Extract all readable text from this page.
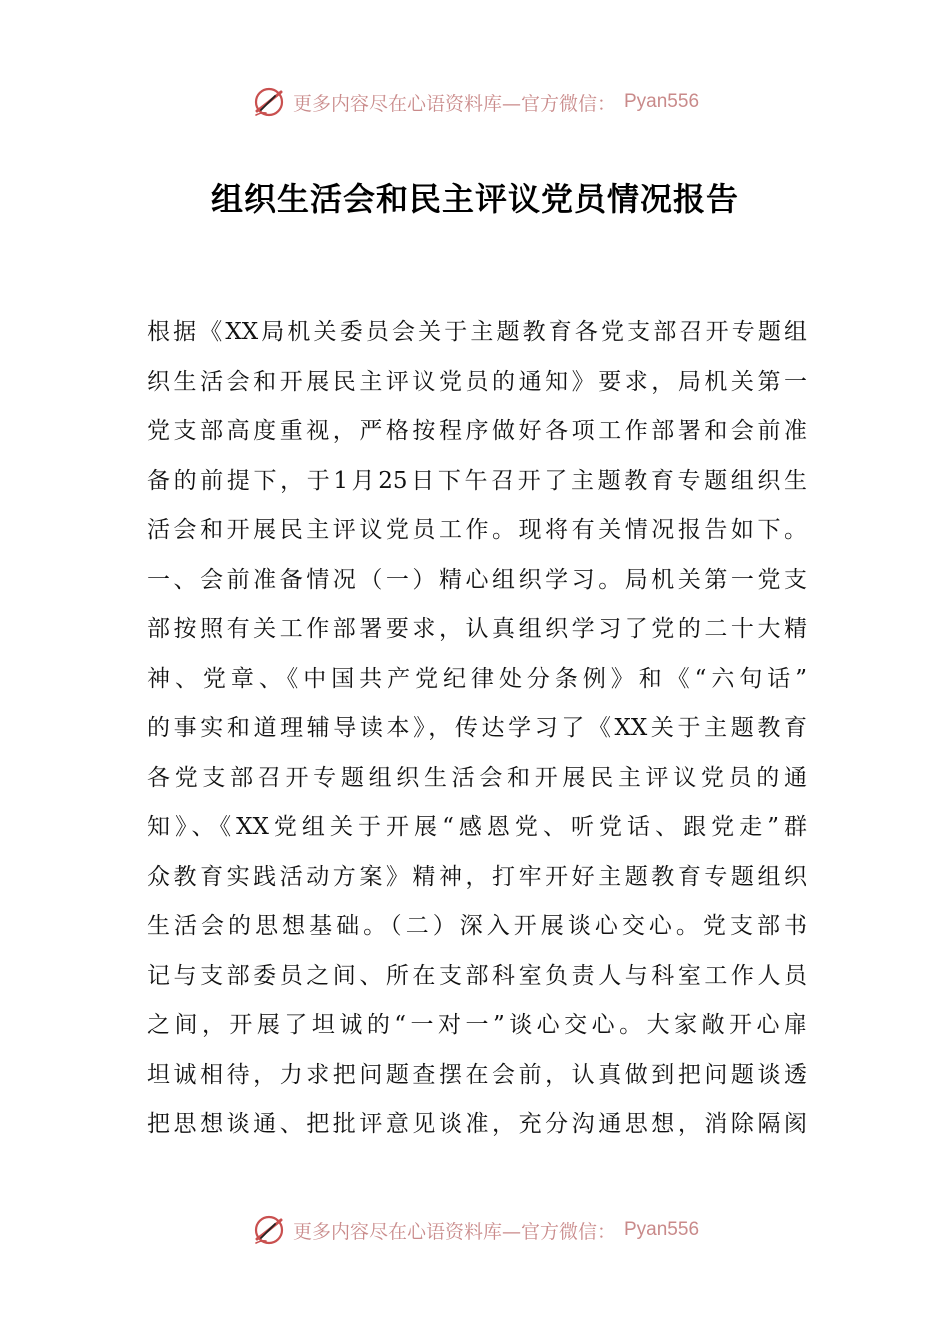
更多内容尽在心语资料库—官方微信： Pyan556
组织生活会和民主评议党员情况报告
根据《XX局机关委员会关于主题教育各党支部召开专题组
织生活会和开展民主评议党员的通知》要求，局机关第一
党支部高度重视，严格按程序做好各项工作部署和会前准
备的前提下，于1月25日下午召开了主题教育专题组织生
活会和开展民主评议党员工作。现将有关情况报告如下。
一、会前准备情况（一）精心组织学习。局机关第一党支
部按照有关工作部署要求，认真组织学习了党的二十大精
神、党章、《中国共产党纪律处分条例》和《“六句话”
的事实和道理辅导读本》，传达学习了《XX关于主题教育
各党支部召开专题组织生活会和开展民主评议党员的通
知》、《XX党组关于开展“感恩党、听党话、跟党走”群
众教育实践活动方案》精神，打牢开好主题教育专题组织
生活会的思想基础。（二）深入开展谈心交心。党支部书
记与支部委员之间、所在支部科室负责人与科室工作人员
之间，开展了坦诚的“一对一”谈心交心。大家敞开心扉
坦诚相待，力求把问题查摆在会前，认真做到把问题谈透
把思想谈通、把批评意见谈准，充分沟通思想，消除隔阂
更多内容尽在心语资料库—官方微信： Pyan556
